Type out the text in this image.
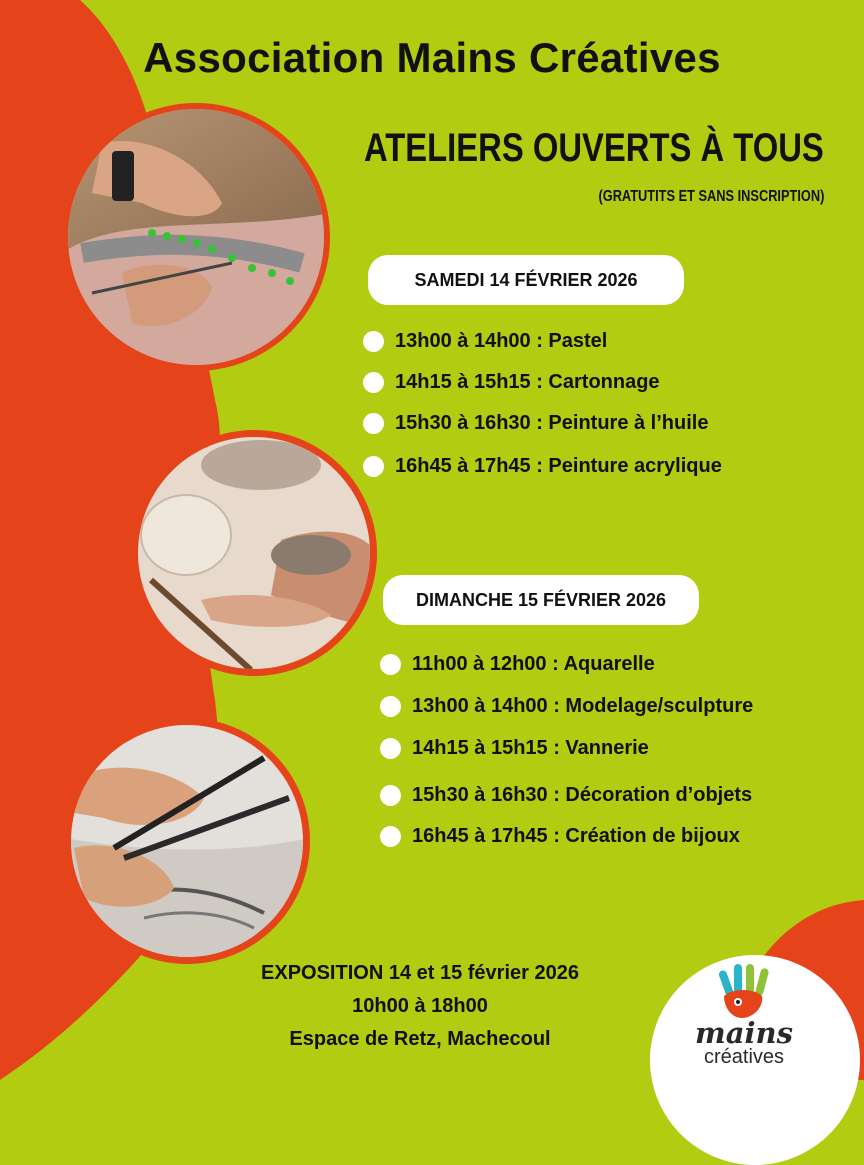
Association Mains Créatives
ATELIERS OUVERTS À TOUS
(GRATUTITS ET SANS INSCRIPTION)
SAMEDI 14 FÉVRIER 2026
13h00 à 14h00 : Pastel
14h15 à 15h15 : Cartonnage
15h30 à 16h30 : Peinture à l’huile
16h45 à 17h45 : Peinture acrylique
DIMANCHE 15 FÉVRIER 2026
11h00 à 12h00 : Aquarelle
13h00 à 14h00 : Modelage/sculpture
14h15 à 15h15 : Vannerie
15h30 à 16h30 : Décoration d’objets
16h45 à 17h45 : Création de bijoux
EXPOSITION 14 et 15 février 2026
10h00 à 18h00
Espace de Retz, Machecoul	mains
créatives
